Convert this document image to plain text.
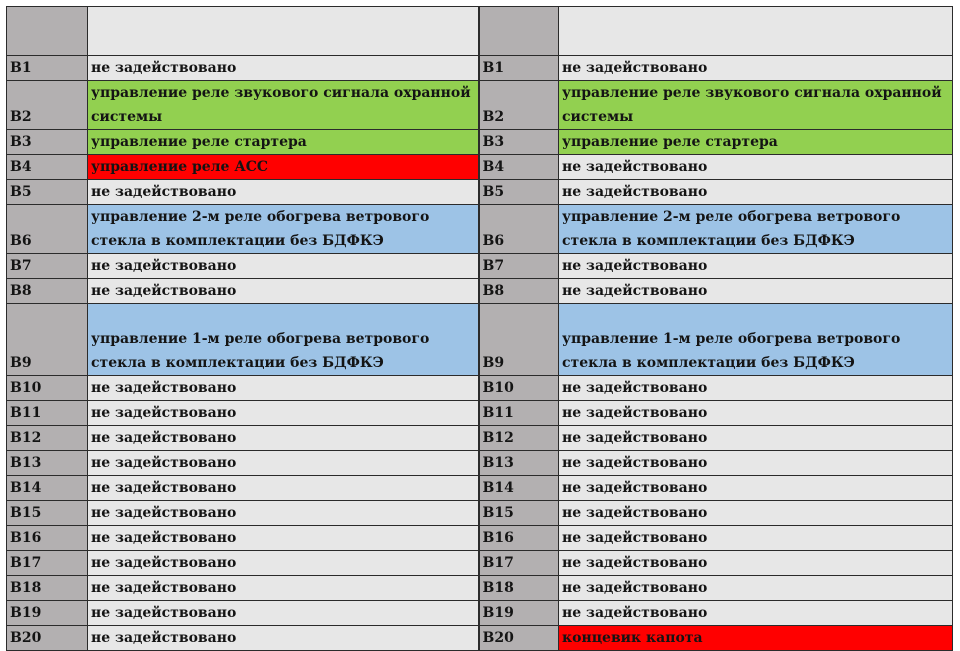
B1	не задействовано	B1	не задействовано
B2	управление реле звукового сигнала охранной системы	B2	управление реле звукового сигнала охранной системы
B3	управление реле стартера	B3	управление реле стартера
B4	управление реле АСС	B4	не задействовано
B5	не задействовано	B5	не задействовано
B6	управление 2-м реле обогрева ветрового стекла в комплектации без БДФКЭ	B6	управление 2-м реле обогрева ветрового стекла в комплектации без БДФКЭ
B7	не задействовано	B7	не задействовано
B8	не задействовано	B8	не задействовано
B9	управление 1-м реле обогрева ветрового стекла в комплектации без БДФКЭ	B9	управление 1-м реле обогрева ветрового стекла в комплектации без БДФКЭ
B10	не задействовано	B10	не задействовано
B11	не задействовано	B11	не задействовано
B12	не задействовано	B12	не задействовано
B13	не задействовано	B13	не задействовано
B14	не задействовано	B14	не задействовано
B15	не задействовано	B15	не задействовано
B16	не задействовано	B16	не задействовано
B17	не задействовано	B17	не задействовано
B18	не задействовано	B18	не задействовано
B19	не задействовано	B19	не задействовано
B20	не задействовано	B20	концевик капота
